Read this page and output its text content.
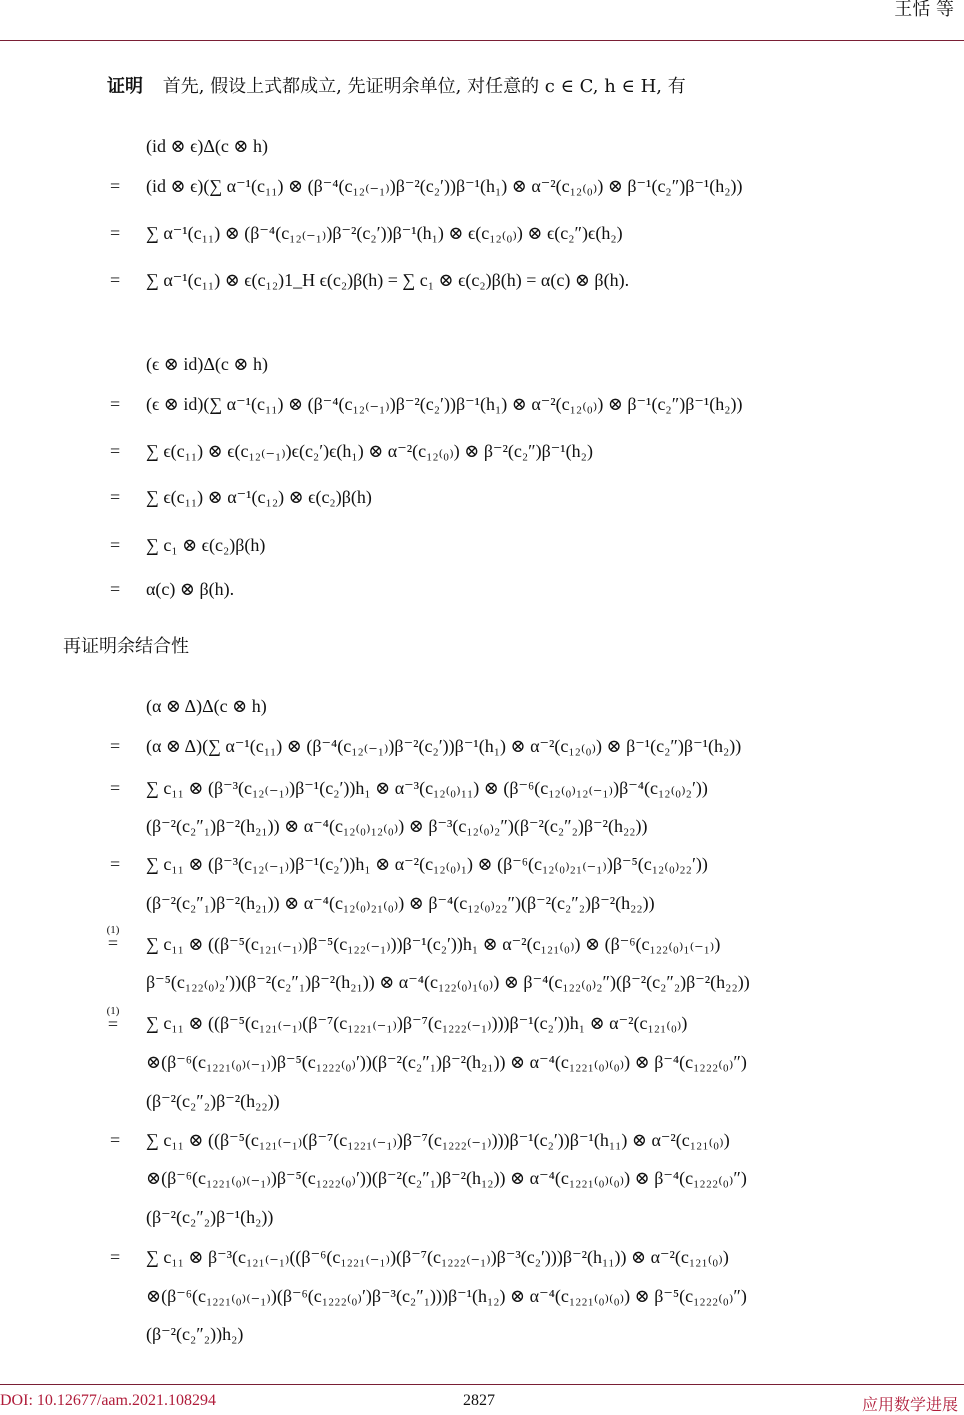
王恬 等
证明 首先, 假设上式都成立, 先证明余单位, 对任意的 c ∈ C, h ∈ H, 有
(id ⊗ ϵ)Δ(c ⊗ h)
= (id ⊗ ϵ)(∑ α⁻¹(c₁₁) ⊗ (β⁻⁴(c₁₂₍₋₁₎)β⁻²(c₂′))β⁻¹(h₁) ⊗ α⁻²(c₁₂₍₀₎) ⊗ β⁻¹(c₂″)β⁻¹(h₂))
= ∑ α⁻¹(c₁₁) ⊗ (β⁻⁴(c₁₂₍₋₁₎)β⁻²(c₂′))β⁻¹(h₁) ⊗ ϵ(c₁₂₍₀₎) ⊗ ϵ(c₂″)ϵ(h₂)
= ∑ α⁻¹(c₁₁) ⊗ ϵ(c₁₂)1_H ϵ(c₂)β(h) = ∑ c₁ ⊗ ϵ(c₂)β(h) = α(c) ⊗ β(h).
(ϵ ⊗ id)Δ(c ⊗ h)
= (ϵ ⊗ id)(∑ α⁻¹(c₁₁) ⊗ (β⁻⁴(c₁₂₍₋₁₎)β⁻²(c₂′))β⁻¹(h₁) ⊗ α⁻²(c₁₂₍₀₎) ⊗ β⁻¹(c₂″)β⁻¹(h₂))
= ∑ ϵ(c₁₁) ⊗ ϵ(c₁₂₍₋₁₎)ϵ(c₂′)ϵ(h₁) ⊗ α⁻²(c₁₂₍₀₎) ⊗ β⁻²(c₂″)β⁻¹(h₂)
= ∑ ϵ(c₁₁) ⊗ α⁻¹(c₁₂) ⊗ ϵ(c₂)β(h)
= ∑ c₁ ⊗ ϵ(c₂)β(h)
= α(c) ⊗ β(h).
再证明余结合性
(α ⊗ Δ)Δ(c ⊗ h)
= (α ⊗ Δ)(∑ α⁻¹(c₁₁) ⊗ (β⁻⁴(c₁₂₍₋₁₎)β⁻²(c₂′))β⁻¹(h₁) ⊗ α⁻²(c₁₂₍₀₎) ⊗ β⁻¹(c₂″)β⁻¹(h₂))
= ∑ c₁₁ ⊗ (β⁻³(c₁₂₍₋₁₎)β⁻¹(c₂′))h₁ ⊗ α⁻³(c₁₂₍₀₎₁₁) ⊗ (β⁻⁶(c₁₂₍₀₎₁₂₍₋₁₎)β⁻⁴(c₁₂₍₀₎₂′))
(β⁻²(c₂″₁)β⁻²(h₂₁)) ⊗ α⁻⁴(c₁₂₍₀₎₁₂₍₀₎) ⊗ β⁻³(c₁₂₍₀₎₂″)(β⁻²(c₂″₂)β⁻²(h₂₂))
= ∑ c₁₁ ⊗ (β⁻³(c₁₂₍₋₁₎)β⁻¹(c₂′))h₁ ⊗ α⁻²(c₁₂₍₀₎₁) ⊗ (β⁻⁶(c₁₂₍₀₎₂₁₍₋₁₎)β⁻⁵(c₁₂₍₀₎₂₂′))
(β⁻²(c₂″₁)β⁻²(h₂₁)) ⊗ α⁻⁴(c₁₂₍₀₎₂₁₍₀₎) ⊗ β⁻⁴(c₁₂₍₀₎₂₂″)(β⁻²(c₂″₂)β⁻²(h₂₂))
(1)
= ∑ c₁₁ ⊗ ((β⁻⁵(c₁₂₁₍₋₁₎)β⁻⁵(c₁₂₂₍₋₁₎))β⁻¹(c₂′))h₁ ⊗ α⁻²(c₁₂₁₍₀₎) ⊗ (β⁻⁶(c₁₂₂₍₀₎₁₍₋₁₎)
β⁻⁵(c₁₂₂₍₀₎₂′))(β⁻²(c₂″₁)β⁻²(h₂₁)) ⊗ α⁻⁴(c₁₂₂₍₀₎₁₍₀₎) ⊗ β⁻⁴(c₁₂₂₍₀₎₂″)(β⁻²(c₂″₂)β⁻²(h₂₂))
(1)
= ∑ c₁₁ ⊗ ((β⁻⁵(c₁₂₁₍₋₁₎(β⁻⁷(c₁₂₂₁₍₋₁₎)β⁻⁷(c₁₂₂₂₍₋₁₎)))β⁻¹(c₂′))h₁ ⊗ α⁻²(c₁₂₁₍₀₎)
⊗(β⁻⁶(c₁₂₂₁₍₀₎₍₋₁₎)β⁻⁵(c₁₂₂₂₍₀₎′))(β⁻²(c₂″₁)β⁻²(h₂₁)) ⊗ α⁻⁴(c₁₂₂₁₍₀₎₍₀₎) ⊗ β⁻⁴(c₁₂₂₂₍₀₎″)
(β⁻²(c₂″₂)β⁻²(h₂₂))
= ∑ c₁₁ ⊗ ((β⁻⁵(c₁₂₁₍₋₁₎(β⁻⁷(c₁₂₂₁₍₋₁₎)β⁻⁷(c₁₂₂₂₍₋₁₎)))β⁻¹(c₂′))β⁻¹(h₁₁) ⊗ α⁻²(c₁₂₁₍₀₎)
⊗(β⁻⁶(c₁₂₂₁₍₀₎₍₋₁₎)β⁻⁵(c₁₂₂₂₍₀₎′))(β⁻²(c₂″₁)β⁻²(h₁₂)) ⊗ α⁻⁴(c₁₂₂₁₍₀₎₍₀₎) ⊗ β⁻⁴(c₁₂₂₂₍₀₎″)
(β⁻²(c₂″₂)β⁻¹(h₂))
= ∑ c₁₁ ⊗ β⁻³(c₁₂₁₍₋₁₎((β⁻⁶(c₁₂₂₁₍₋₁₎)(β⁻⁷(c₁₂₂₂₍₋₁₎)β⁻³(c₂′)))β⁻²(h₁₁)) ⊗ α⁻²(c₁₂₁₍₀₎)
⊗(β⁻⁶(c₁₂₂₁₍₀₎₍₋₁₎)(β⁻⁶(c₁₂₂₂₍₀₎′)β⁻³(c₂″₁)))β⁻¹(h₁₂) ⊗ α⁻⁴(c₁₂₂₁₍₀₎₍₀₎) ⊗ β⁻⁵(c₁₂₂₂₍₀₎″)
(β⁻²(c₂″₂))h₂)
DOI: 10.12677/aam.2021.108294	2827	应用数学进展
